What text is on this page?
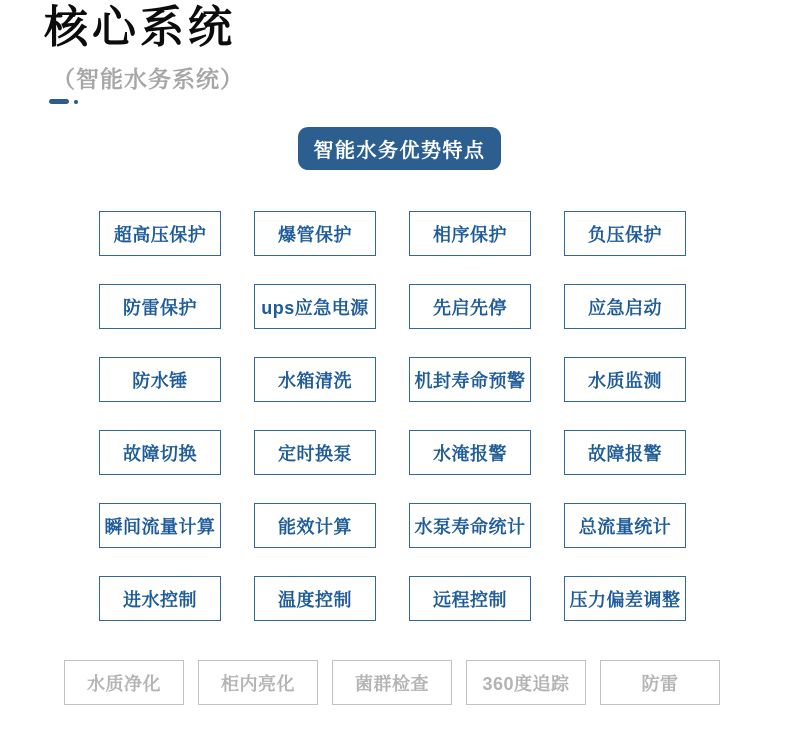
核心系统
（智能水务系统）
智能水务优势特点
超高压保护	爆管保护	相序保护	负压保护
防雷保护	ups应急电源	先启先停	应急启动
防水锤	水箱清洗	机封寿命预警	水质监测
故障切换	定时换泵	水淹报警	故障报警
瞬间流量计算	能效计算	水泵寿命统计	总流量统计
进水控制	温度控制	远程控制	压力偏差调整
水质净化	柜内亮化	菌群检查	360度追踪	防雷
